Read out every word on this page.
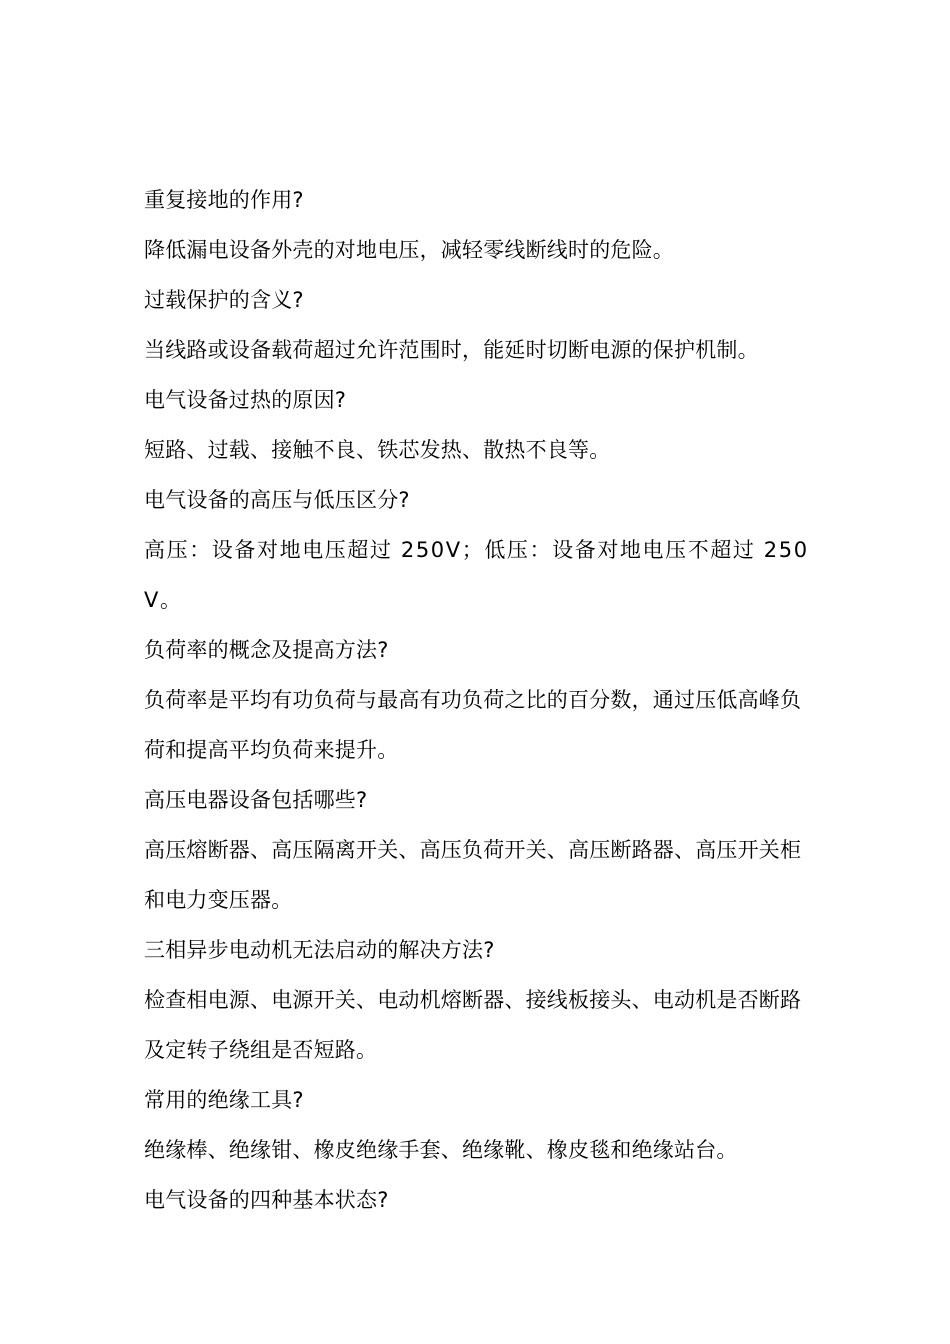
重复接地的作用?

降低漏电设备外壳的对地电压，减轻零线断线时的危险。

过载保护的含义?

当线路或设备载荷超过允许范围时，能延时切断电源的保护机制。

电气设备过热的原因?

短路、过载、接触不良、铁芯发热、散热不良等。

电气设备的高压与低压区分?

高压：设备对地电压超过 250V；低压：设备对地电压不超过 250V。

负荷率的概念及提高方法?

负荷率是平均有功负荷与最高有功负荷之比的百分数，通过压低高峰负荷和提高平均负荷来提升。

高压电器设备包括哪些?

高压熔断器、高压隔离开关、高压负荷开关、高压断路器、高压开关柜和电力变压器。

三相异步电动机无法启动的解决方法?

检查相电源、电源开关、电动机熔断器、接线板接头、电动机是否断路及定转子绕组是否短路。

常用的绝缘工具?

绝缘棒、绝缘钳、橡皮绝缘手套、绝缘靴、橡皮毯和绝缘站台。

电气设备的四种基本状态?
